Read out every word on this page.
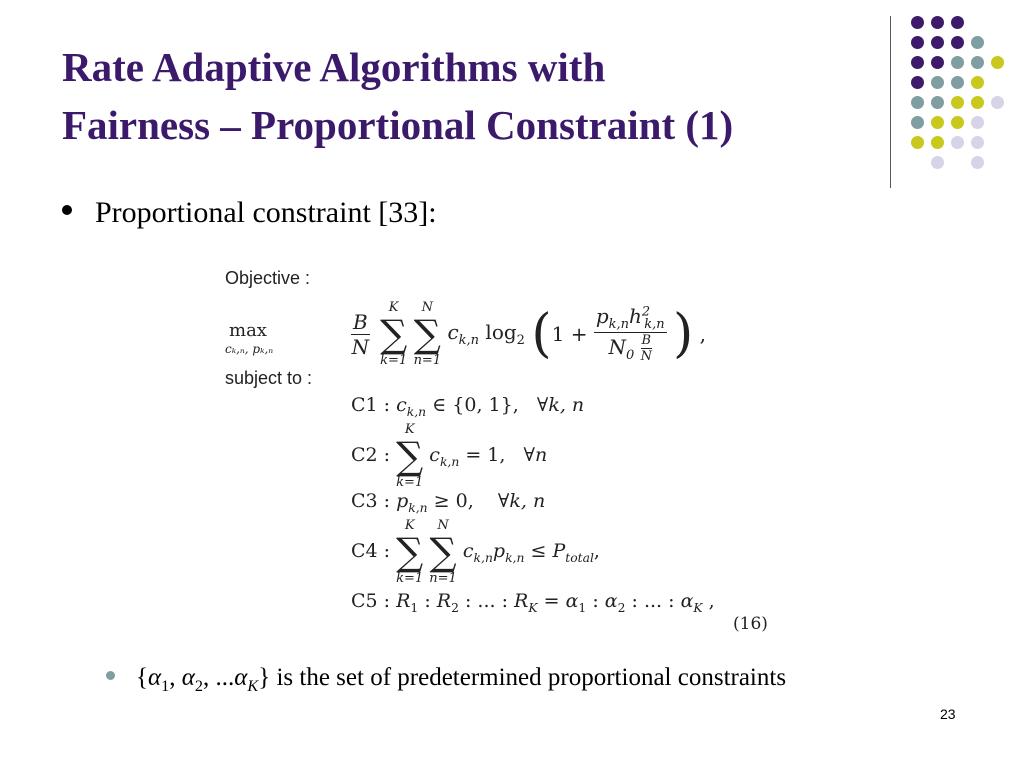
Rate Adaptive Algorithms with
Fairness – Proportional Constraint (1)
Proportional constraint [33]:
Objective :
max
cₖ,ₙ, pₖ,ₙ	$\frac{B}{N}$

K
∑
k=1

N
∑
n=1
$c_{k,n}$ $\log_2 (1 + \frac{p_{k,n}h^2_{k,n}}{N_0 \frac{B}{N}}$ ) ,
subject to :
C1 : $c_{k,n}$ ∈ {0, 1},   ∀k, n
C2 :
K
∑
k=1
$c_{k,n} = 1$,   ∀n
C3 : $p_{k,n} \ge 0$,    ∀k, n
C4 :
K
∑
k=1

N
∑
n=1
$c_{k,n}p_{k,n} \le P_{total}$,
C5 : $R_1$ : $R_2$ : ... : $R_K = \alpha_1$ : $\alpha_2$ : ... : $\alpha_K$ ,
(16)
{$\alpha_1$, $\alpha_2$, $...\alpha_K$} is the set of predetermined proportional constraints
23
